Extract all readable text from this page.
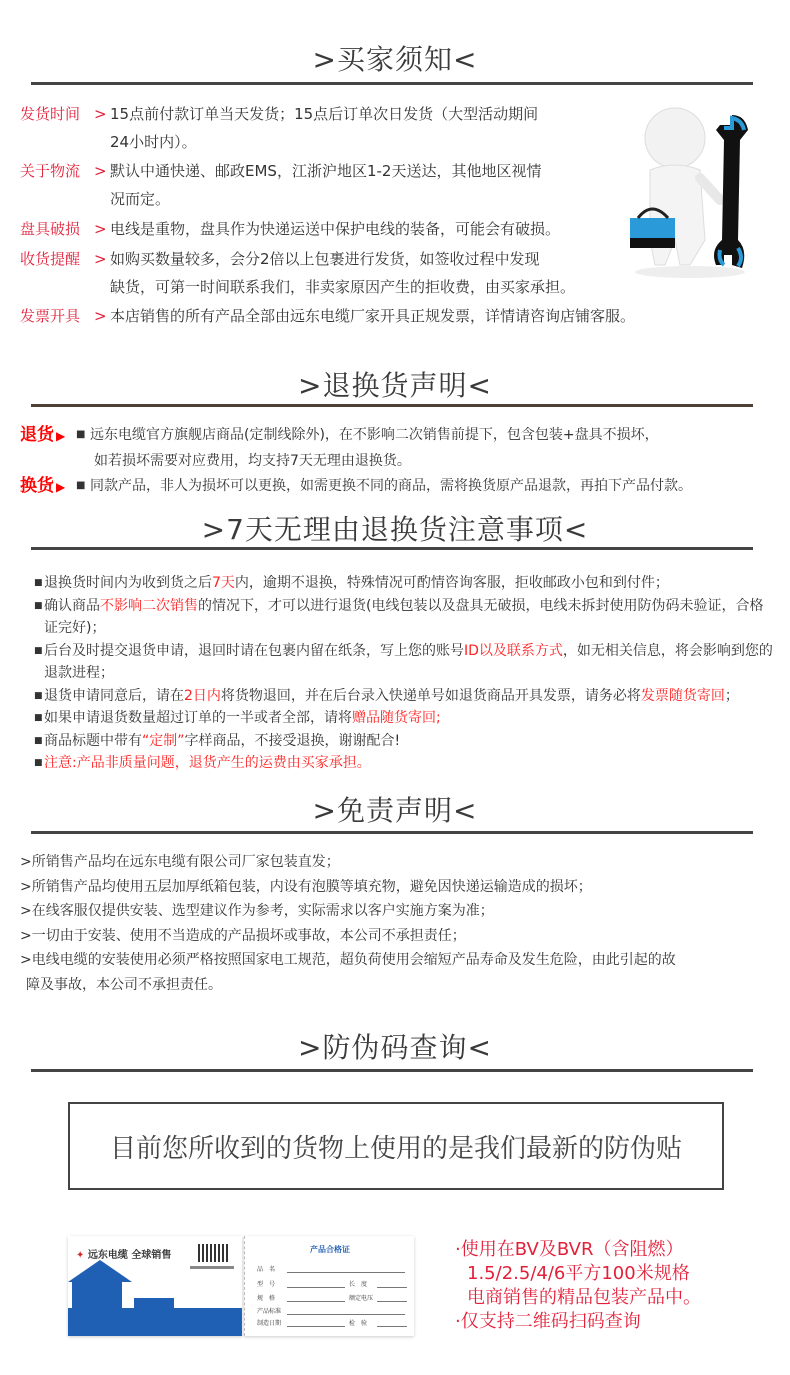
>买家须知<
发货时间 > 15点前付款订单当天发货；15点后订单次日发货（大型活动期间
24小时内）。
关于物流 > 默认中通快递、邮政EMS，江浙沪地区1-2天送达，其他地区视情
况而定。
盘具破损 > 电线是重物，盘具作为快递运送中保护电线的装备，可能会有破损。
收货提醒 > 如购买数量较多，会分2倍以上包裹进行发货，如签收过程中发现
缺货，可第一时间联系我们，非卖家原因产生的拒收费，由买家承担。
发票开具 > 本店销售的所有产品全部由远东电缆厂家开具正规发票，详情请咨询店铺客服。
>退换货声明<
退货 ▶	■ 远东电缆官方旗舰店商品(定制线除外)，在不影响二次销售前提下，包含包装+盘具不损坏，
如若损坏需要对应费用，均支持7天无理由退换货。
换货 ▶	■ 同款产品，非人为损坏可以更换，如需更换不同的商品，需将换货原产品退款，再拍下产品付款。
>7天无理由退换货注意事项<
■ 退换货时间内为收到货之后7天内，逾期不退换，特殊情况可酌情咨询客服，拒收邮政小包和到付件；
■ 确认商品不影响二次销售的情况下，才可以进行退货(电线包装以及盘具无破损，电线未拆封使用防伪码未验证，合格证完好)；
■ 后台及时提交退货申请，退回时请在包裹内留在纸条，写上您的账号ID以及联系方式，如无相关信息，将会影响到您的退款进程；
■ 退货申请同意后，请在2日内将货物退回，并在后台录入快递单号如退货商品开具发票，请务必将发票随货寄回；
■ 如果申请退货数量超过订单的一半或者全部，请将赠品随货寄回;
■ 商品标题中带有“定制”字样商品，不接受退换，谢谢配合!
■ 注意:产品非质量问题，退货产生的运费由买家承担。
>免责声明<
>所销售产品均在远东电缆有限公司厂家包装直发；
>所销售产品均使用五层加厚纸箱包装，内设有泡膜等填充物，避免因快递运输造成的损坏；
>在线客服仅提供安装、选型建议作为参考，实际需求以客户实施方案为准；
>一切由于安装、使用不当造成的产品损坏或事故，本公司不承担责任；
>电线电缆的安装使用必须严格按照国家电工规范，超负荷使用会缩短产品寿命及发生危险，由此引起的故
障及事故，本公司不承担责任。
>防伪码查询<
目前您所收到的货物上使用的是我们最新的防伪贴
✦ 远东电缆 全球销售
产品合格证
品　名
型　号	长　度
规　格	额定电压
产品标准
制造日期	检　验
·使用在BV及BVR（含阻燃）
1.5/2.5/4/6平方100米规格
电商销售的精品包装产品中。
·仅支持二维码扫码查询
